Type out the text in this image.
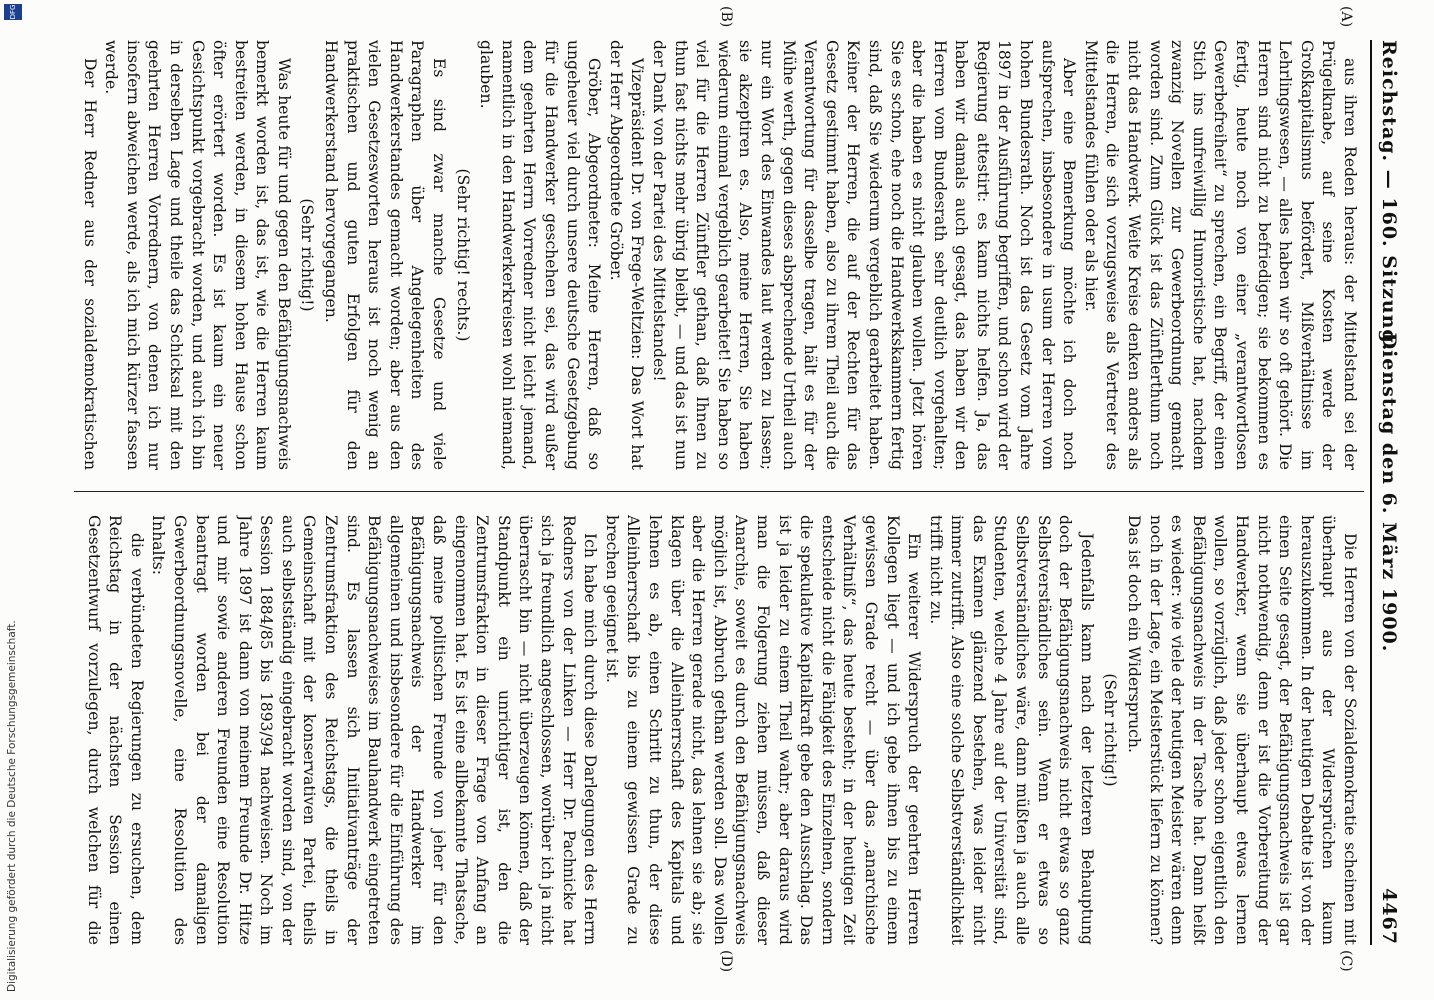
Reichstag. — 160. Sitzung.
Dienstag den 6. März 1900.
4467
(A)
(B)
(C)
(D)

aus ihren Reden heraus: der Mittelstand sei der Prügelknabe, auf seine Kosten werde der Großkapitalismus befördert, Mißverhältnisse im Lehrlingswesen, — alles haben wir so oft gehört. Die Herren sind nicht zu befriedigen; sie bekommen es fertig, heute noch von einer „verantwortlosen Gewerbefreiheit“ zu sprechen, ein Begriff, der einen Stich ins unfreiwillig Humoristische hat, nachdem zwanzig Novellen zur Gewerbeordnung gemacht worden sind. Zum Glück ist das Zünftlerthum noch nicht das Handwerk. Weite Kreise denken anders als die Herren, die sich vorzugsweise als Vertreter des Mittelstandes fühlen oder als hier.

Aber eine Bemerkung möchte ich doch noch aufsprechen, insbesondere in usum der Herren vom hohen Bundesrath. Noch ist das Gesetz vom Jahre 1897 in der Ausführung begriffen, und schon wird der Regierung attestirt: es kann nichts helfen. Ja, das haben wir damals auch gesagt, das haben wir den Herren vom Bundesrath sehr deutlich vorgehalten; aber die haben es nicht glauben wollen. Jetzt hören Sie es schon, ehe noch die Handwerkskammern fertig sind, daß Sie wiederum vergeblich gearbeitet haben. Keiner der Herren, die auf der Rechten für das Gesetz gestimmt haben, also zu ihrem Theil auch die Verantwortung für dasselbe tragen, hält es für der Mühe werth, gegen dieses absprechende Urtheil auch nur ein Wort des Einwandes laut werden zu lassen; sie akzeptiren es. Also, meine Herren, Sie haben wiederum einmal vergeblich gearbeitet! Sie haben so viel für die Herren Zünftler gethan, daß Ihnen zu thun fast nichts mehr übrig bleibt, — und das ist nun der Dank von der Partei des Mittelstandes!

Vizepräsident Dr. von Frege-Weltzien: Das Wort hat der Herr Abgeordnete Gröber.

Gröber, Abgeordneter: Meine Herren, daß so ungeheuer viel durch unsere deutsche Gesetzgebung für die Handwerker geschehen sei, das wird außer dem geehrten Herrn Vorredner nicht leicht jemand, namentlich in den Handwerkerkreisen wohl niemand, glauben.

(Sehr richtig! rechts.)

Es sind zwar manche Gesetze und viele Paragraphen über Angelegenheiten des Handwerkerstandes gemacht worden; aber aus den vielen Gesetzesworten heraus ist noch wenig an praktischen und guten Erfolgen für den Handwerkerstand hervorgegangen.

(Sehr richtig!)

Was heute für und gegen den Befähigungsnachweis bemerkt worden ist, das ist, wie die Herren kaum bestreiten werden, in diesem hohen Hause schon öfter erörtert worden. Es ist kaum ein neuer Gesichtspunkt vorgebracht worden, und auch ich bin in derselben Lage und theile das Schicksal mit den geehrten Herren Vorrednern, von denen ich nur insofern abweichen werde, als ich mich kürzer fassen werde.

Der Herr Redner aus der sozialdemokratischen

Die Herren von der Sozialdemokratie scheinen mit überhaupt aus der Widersprüchen kaum herauszukommen. In der heutigen Debatte ist von der einen Seite gesagt, der Befähigungsnachweis ist gar nicht nothwendig, denn er ist die Vorbereitung der Handwerker, wenn sie überhaupt etwas lernen wollen, so vorzüglich, daß jeder schon eigentlich den Befähigungsnachweis in der Tasche hat. Dann heißt es wieder: wie viele der heutigen Meister wären denn noch in der Lage, ein Meisterstück liefern zu können? Das ist doch ein Widerspruch.

(Sehr richtig!)

Jedenfalls kann nach der letzteren Behauptung doch der Befähigungsnachweis nicht etwas so ganz Selbstverständliches sein. Wenn er etwas so Selbstverständliches wäre, dann müßten ja auch alle Studenten, welche 4 Jahre auf der Universität sind, das Examen glänzend bestehen, was leider nicht immer zutrifft. Also eine solche Selbstverständlichkeit trifft nicht zu.

Ein weiterer Widerspruch der geehrten Herren Kollegen liegt — und ich gebe ihnen bis zu einem gewissen Grade recht — über das „anarchische Verhältniß“, das heute besteht; in der heutigen Zeit entscheide nicht die Fähigkeit des Einzelnen, sondern die spekulative Kapitalkraft gebe den Ausschlag. Das ist ja leider zu einem Theil wahr; aber daraus wird man die Folgerung ziehen müssen, daß dieser Anarchie, soweit es durch den Befähigungsnachweis möglich ist, Abbruch gethan werden soll. Das wollen aber die Herren gerade nicht, das lehnen sie ab; sie klagen über die Alleinherrschaft des Kapitals und lehnen es ab, einen Schritt zu thun, der diese Alleinherrschaft bis zu einem gewissen Grade zu brechen geeignet ist.

Ich habe mich durch diese Darlegungen des Herrn Redners von der Linken — Herr Dr. Pachnicke hat sich ja freundlich angeschlossen, worüber ich ja nicht überrascht bin — nicht überzeugen können, daß der Standpunkt ein unrichtiger ist, den die Zentrumsfraktion in dieser Frage von Anfang an eingenommen hat. Es ist eine allbekannte Thatsache, daß meine politischen Freunde von jeher für den Befähigungsnachweis der Handwerker im allgemeinen und insbesondere für die Einführung des Befähigungsnachweises im Bauhandwerk eingetreten sind. Es lassen sich Initiativanträge der Zentrumsfraktion des Reichstags, die theils in Gemeinschaft mit der konservativen Partei, theils auch selbstständig eingebracht worden sind, von der Session 1884/85 bis 1893/94 nachweisen. Noch im Jahre 1897 ist dann von meinem Freunde Dr. Hitze und mir sowie anderen Freunden eine Resolution beantragt worden bei der damaligen Gewerbeordnungsnovelle, eine Resolution des Inhalts:

die verbündeten Regierungen zu ersuchen, dem Reichstag in der nächsten Session einen Gesetzentwurf vorzulegen, durch welchen für die

Digitalisierung gefördert durch die Deutsche Forschungsgemeinschaft.
DFG
